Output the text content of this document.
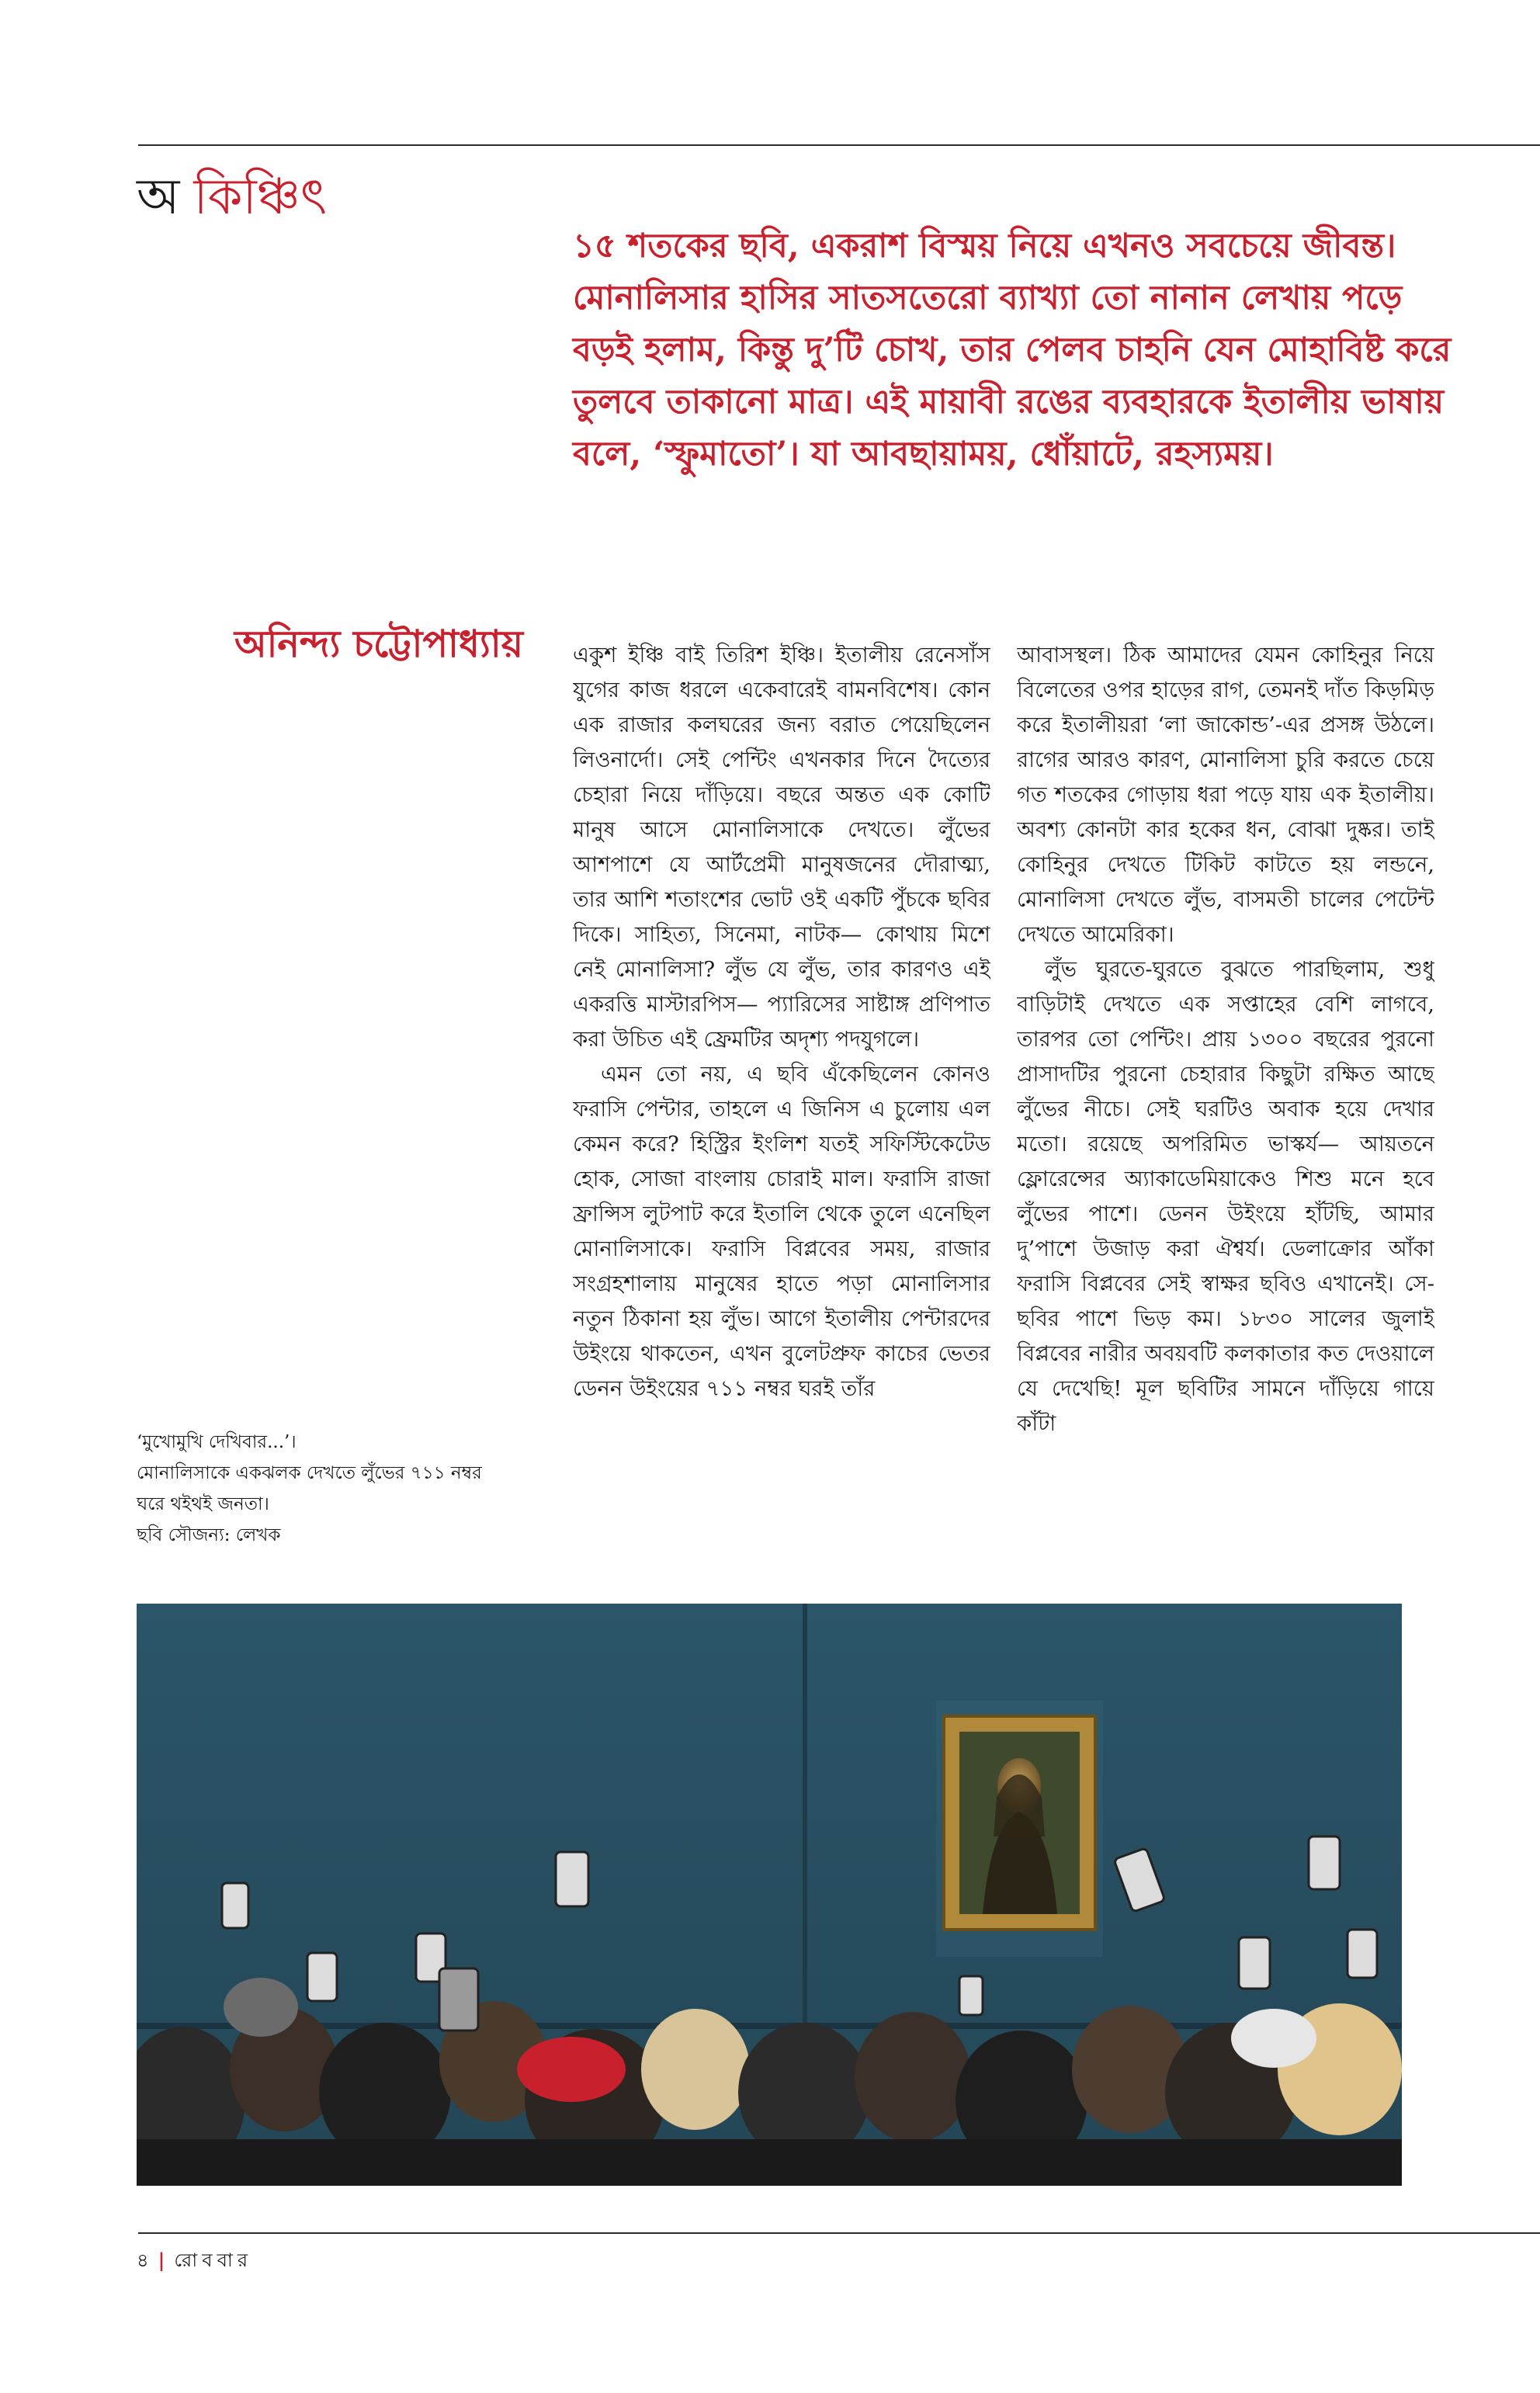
অ কিঞ্চিৎ
১৫ শতকের ছবি, একরাশ বিস্ময় নিয়ে এখনও সবচেয়ে জীবন্ত। মোনালিসার হাসির সাতসতেরো ব্যাখ্যা তো নানান লেখায় পড়ে বড়ই হলাম, কিন্তু দু’টি চোখ, তার পেলব চাহনি যেন মোহাবিষ্ট করে তুলবে তাকানো মাত্র। এই মায়াবী রঙের ব্যবহারকে ইতালীয় ভাষায় বলে, ‘স্ফুমাতো’। যা আবছায়াময়, ধোঁয়াটে, রহস্যময়।
অনিন্দ্য চট্টোপাধ্যায় একুশ ইঞ্চি বাই তিরিশ ইঞ্চি। ইতালীয় রেনেসাঁস যুগের কাজ ধরলে একেবারেই বামনবিশেষ। কোন এক রাজার কলঘরের জন্য বরাত পেয়েছিলেন লিওনার্দো। সেই পেন্টিং এখনকার দিনে দৈত্যের চেহারা নিয়ে দাঁড়িয়ে। বছরে অন্তত এক কোটি মানুষ আসে মোনালিসাকে দেখতে। লুঁভের আশপাশে যে আর্টপ্রেমী মানুষজনের দৌরাত্ম্য, তার আশি শতাংশের ভোট ওই একটি পুঁচকে ছবির দিকে। সাহিত্য, সিনেমা, নাটক— কোথায় মিশে নেই মোনালিসা? লুঁভ যে লুঁভ, তার কারণও এই একরত্তি মাস্টারপিস— প্যারিসের সাষ্টাঙ্গ প্রণিপাত করা উচিত এই ফ্রেমটির অদৃশ্য পদযুগলে।

এমন তো নয়, এ ছবি এঁকেছিলেন কোনও ফরাসি পেন্টার, তাহলে এ জিনিস এ চুলোয় এল কেমন করে? হিস্ট্রির ইংলিশ যতই সফিস্টিকেটেড হোক, সোজা বাংলায় চোরাই মাল। ফরাসি রাজা ফ্রান্সিস লুটপাট করে ইতালি থেকে তুলে এনেছিল মোনালিসাকে। ফরাসি বিপ্লবের সময়, রাজার সংগ্রহশালায় মানুষের হাতে পড়া মোনালিসার নতুন ঠিকানা হয় লুঁভ। আগে ইতালীয় পেন্টারদের উইংয়ে থাকতেন, এখন বুলেটপ্রুফ কাচের ভেতর ডেনন উইংয়ের ৭১১ নম্বর ঘরই তাঁর

আবাসস্থল। ঠিক আমাদের যেমন কোহিনুর নিয়ে বিলেতের ওপর হাড়ের রাগ, তেমনই দাঁত কিড়মিড় করে ইতালীয়রা ‘লা জাকোন্ড’-এর প্রসঙ্গ উঠলে। রাগের আরও কারণ, মোনালিসা চুরি করতে চেয়ে গত শতকের গোড়ায় ধরা পড়ে যায় এক ইতালীয়। অবশ্য কোনটা কার হকের ধন, বোঝা দুষ্কর। তাই কোহিনুর দেখতে টিকিট কাটতে হয় লন্ডনে, মোনালিসা দেখতে লুঁভ, বাসমতী চালের পেটেন্ট দেখতে আমেরিকা।

লুঁভ ঘুরতে-ঘুরতে বুঝতে পারছিলাম, শুধু বাড়িটাই দেখতে এক সপ্তাহের বেশি লাগবে, তারপর তো পেন্টিং। প্রায় ১৩০০ বছরের পুরনো প্রাসাদটির পুরনো চেহারার কিছুটা রক্ষিত আছে লুঁভের নীচে। সেই ঘরটিও অবাক হয়ে দেখার মতো। রয়েছে অপরিমিত ভাস্কর্য— আয়তনে ফ্লোরেন্সের অ্যাকাডেমিয়াকেও শিশু মনে হবে লুঁভের পাশে। ডেনন উইংয়ে হাঁটছি, আমার দু’পাশে উজাড় করা ঐশ্বর্য। ডেলাক্রোর আঁকা ফরাসি বিপ্লবের সেই স্বাক্ষর ছবিও এখানেই। সে-ছবির পাশে ভিড় কম। ১৮৩০ সালের জুলাই বিপ্লবের নারীর অবয়বটি কলকাতার কত দেওয়ালে যে দেখেছি! মূল ছবিটির সামনে দাঁড়িয়ে গায়ে কাঁটা

‘মুখোমুখি দেখিবার...’।

মোনালিসাকে একঝলক দেখতে লুঁভের ৭১১ নম্বর ঘরে থইথই জনতা।

ছবি সৌজন্য: লেখক

৪ | রোববার
